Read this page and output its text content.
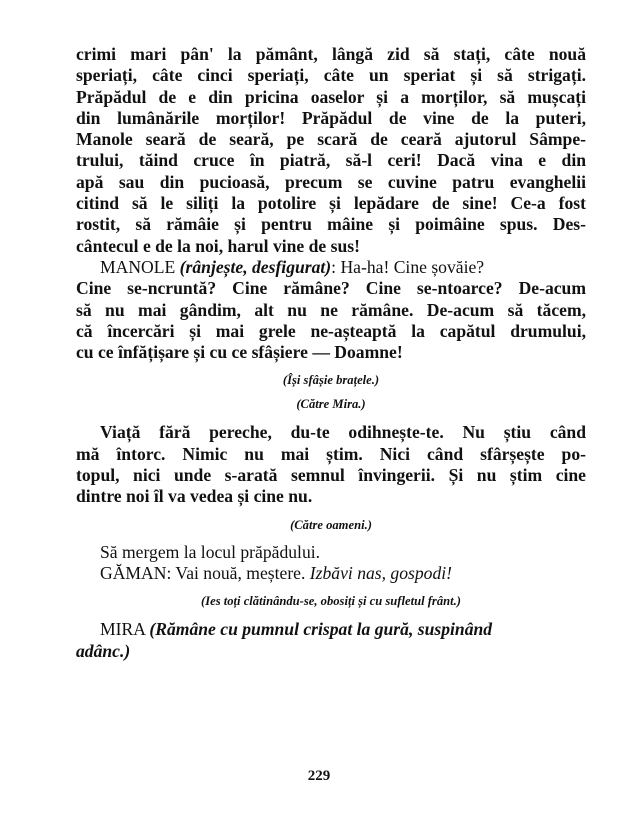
crimi mari pân' la pământ, lângă zid să stați, câte nouă
speriați, câte cinci speriați, câte un speriat și să strigați.
Prăpădul de e din pricina oaselor și a morților, să mușcați
din lumânările morților! Prăpădul de vine de la puteri,
Manole seară de seară, pe scară de ceară ajutorul Sâmpe-
trului, tăind cruce în piatră, să-l ceri! Dacă vina e din
apă sau din pucioasă, precum se cuvine patru evanghelii
citind să le siliți la potolire și lepădare de sine! Ce-a fost
rostit, să rămâie și pentru mâine și poimâine spus. Des-
cântecul e de la noi, harul vine de sus!
MANOLE (rânjește, desfigurat): Ha-ha! Cine șovăie?
Cine se-ncruntă? Cine rămâne? Cine se-ntoarce? De-acum
să nu mai gândim, alt nu ne rămâne. De-acum să tăcem,
că încercări și mai grele ne-așteaptă la capătul drumului,
cu ce înfățișare și cu ce sfâșiere — Doamne!
(Își sfâșie brațele.)
(Către Mira.)
Viață fără pereche, du-te odihnește-te. Nu știu când
mă întorc. Nimic nu mai știm. Nici când sfârșește po-
topul, nici unde s-arată semnul învingerii. Și nu știm cine
dintre noi îl va vedea și cine nu.
(Către oameni.)
Să mergem la locul prăpădului.
GĂMAN: Vai nouă, meștere. Izbăvi nas, gospodi!
(Ies toți clătinându-se, obosiți și cu sufletul frânt.)
MIRA (Rămâne cu pumnul crispat la gură, suspinând
adânc.)
229
